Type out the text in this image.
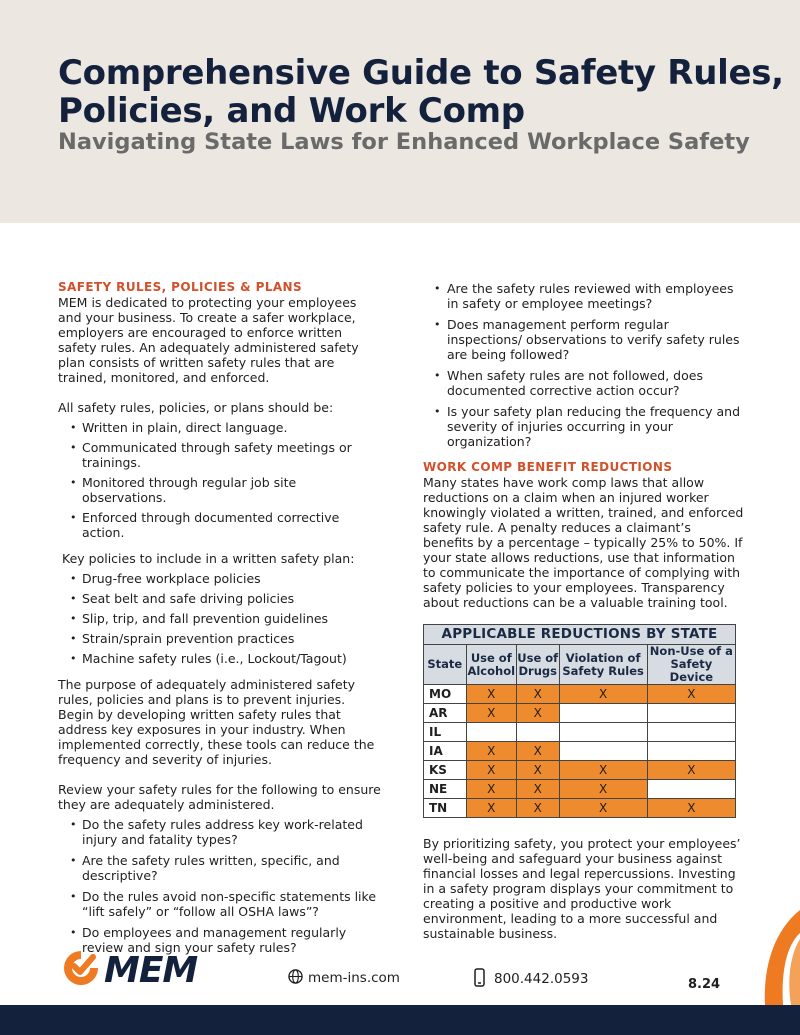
Comprehensive Guide to Safety Rules,
Policies, and Work Comp
Navigating State Laws for Enhanced Workplace Safety
SAFETY RULES, POLICIES & PLANS

MEM is dedicated to protecting your employees and your business. To create a safer workplace, employers are encouraged to enforce written safety rules. An adequately administered safety plan consists of written safety rules that are trained, monitored, and enforced.

All safety rules, policies, or plans should be:

• Written in plain, direct language.
• Communicated through safety meetings or trainings.
• Monitored through regular job site observations.
• Enforced through documented corrective action.

Key policies to include in a written safety plan:

• Drug-free workplace policies
• Seat belt and safe driving policies
• Slip, trip, and fall prevention guidelines
• Strain/sprain prevention practices
• Machine safety rules (i.e., Lockout/Tagout)

The purpose of adequately administered safety rules, policies and plans is to prevent injuries. Begin by developing written safety rules that address key exposures in your industry. When implemented correctly, these tools can reduce the frequency and severity of injuries.

Review your safety rules for the following to ensure they are adequately administered.

• Do the safety rules address key work-related injury and fatality types?
• Are the safety rules written, specific, and descriptive?
• Do the rules avoid non-specific statements like “lift safely” or “follow all OSHA laws”?
• Do employees and management regularly review and sign your safety rules?
• Are the safety rules reviewed with employees in safety or employee meetings?
• Does management perform regular inspections/ observations to verify safety rules are being followed?
• When safety rules are not followed, does documented corrective action occur?
• Is your safety plan reducing the frequency and severity of injuries occurring in your organization?
WORK COMP BENEFIT REDUCTIONS

Many states have work comp laws that allow reductions on a claim when an injured worker knowingly violated a written, trained, and enforced safety rule. A penalty reduces a claimant’s benefits by a percentage – typically 25% to 50%. If your state allows reductions, use that information to communicate the importance of complying with safety policies to your employees. Transparency about reductions can be a valuable training tool.

APPLICABLE REDUCTIONS BY STATE				
State	Use of Alcohol	Use of Drugs	Violation of Safety Rules	Non-Use of a Safety Device
MO	X	X	X	X
AR	X	X		
IL				
IA	X	X		
KS	X	X	X	X
NE	X	X	X	
TN	X	X	X	X

By prioritizing safety, you protect your employees’ well-being and safeguard your business against financial losses and legal repercussions. Investing in a safety program displays your commitment to creating a positive and productive work environment, leading to a more successful and sustainable business.

MEM	mem-ins.com	800.442.0593	8.24
